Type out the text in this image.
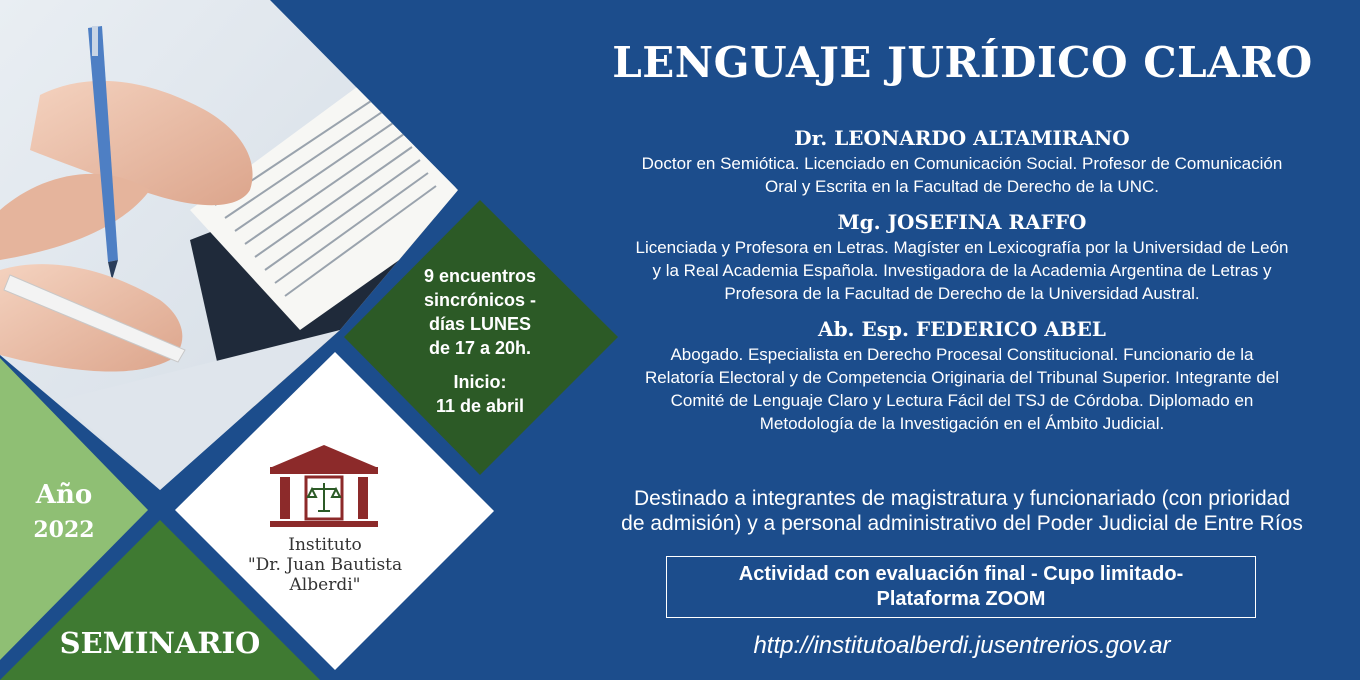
Instituto
"Dr. Juan Bautista
Alberdi"
9 encuentros
sincrónicos -
días LUNES
de 17 a 20h.
Inicio:
11 de abril
Año
2022
SEMINARIO
LENGUAJE JURÍDICO CLARO
Dr. LEONARDO ALTAMIRANO
Doctor en Semiótica. Licenciado en Comunicación Social. Profesor de Comunicación
Oral y Escrita en la Facultad de Derecho de la UNC.
Mg. JOSEFINA RAFFO
Licenciada y Profesora en Letras. Magíster en Lexicografía por la Universidad de León
y la Real Academia Española. Investigadora de la Academia Argentina de Letras y
Profesora de la Facultad de Derecho de la Universidad Austral.
Ab. Esp. FEDERICO ABEL
Abogado. Especialista en Derecho Procesal Constitucional. Funcionario de la
Relatoría Electoral y de Competencia Originaria del Tribunal Superior. Integrante del
Comité de Lenguaje Claro y Lectura Fácil del TSJ de Córdoba. Diplomado en
Metodología de la Investigación en el Ámbito Judicial.
Destinado a integrantes de magistratura y funcionariado (con prioridad
de admisión) y a personal administrativo del Poder Judicial de Entre Ríos
Actividad con evaluación final - Cupo limitado-
Plataforma ZOOM
http://institutoalberdi.jusentrerios.gov.ar
